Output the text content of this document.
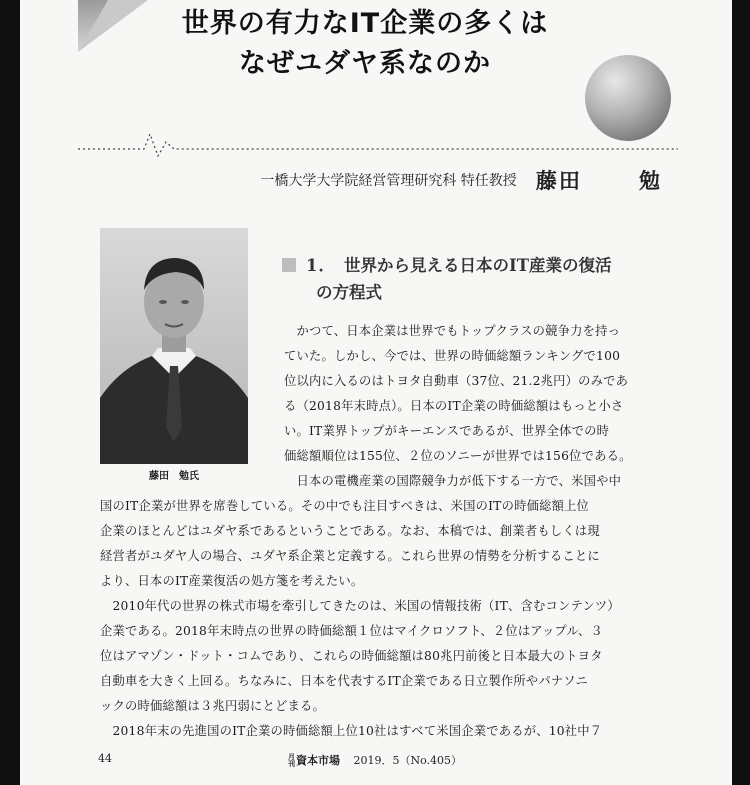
世界の有力なIT企業の多くは
なぜユダヤ系なのか
一橋大学大学院経営管理研究科 特任教授 藤田	勉
藤田　勉氏
1． 世界から見える日本のIT産業の復活
の方程式
　かつて、日本企業は世界でもトップクラスの競争力を持っ
ていた。しかし、今では、世界の時価総額ランキングで100
位以内に入るのはトヨタ自動車（37位、21.2兆円）のみであ
る（2018年末時点）。日本のIT企業の時価総額はもっと小さ
い。IT業界トップがキーエンスであるが、世界全体での時
価総額順位は155位、２位のソニーが世界では156位である。
　日本の電機産業の国際競争力が低下する一方で、米国や中
国のIT企業が世界を席巻している。その中でも注目すべきは、米国のITの時価総額上位
企業のほとんどはユダヤ系であるということである。なお、本稿では、創業者もしくは現
経営者がユダヤ人の場合、ユダヤ系企業と定義する。これら世界の情勢を分析することに
より、日本のIT産業復活の処方箋を考えたい。
　2010年代の世界の株式市場を牽引してきたのは、米国の情報技術（IT、含むコンテンツ）
企業である。2018年末時点の世界の時価総額１位はマイクロソフト、２位はアップル、３
位はアマゾン・ドット・コムであり、これらの時価総額は80兆円前後と日本最大のトヨタ
自動車を大きく上回る。ちなみに、日本を代表するIT企業である日立製作所やパナソニ
ックの時価総額は３兆円弱にとどまる。
　2018年末の先進国のIT企業の時価総額上位10社はすべて米国企業であるが、10社中７
44	月
刊資本市場 2019．5（No.405）
